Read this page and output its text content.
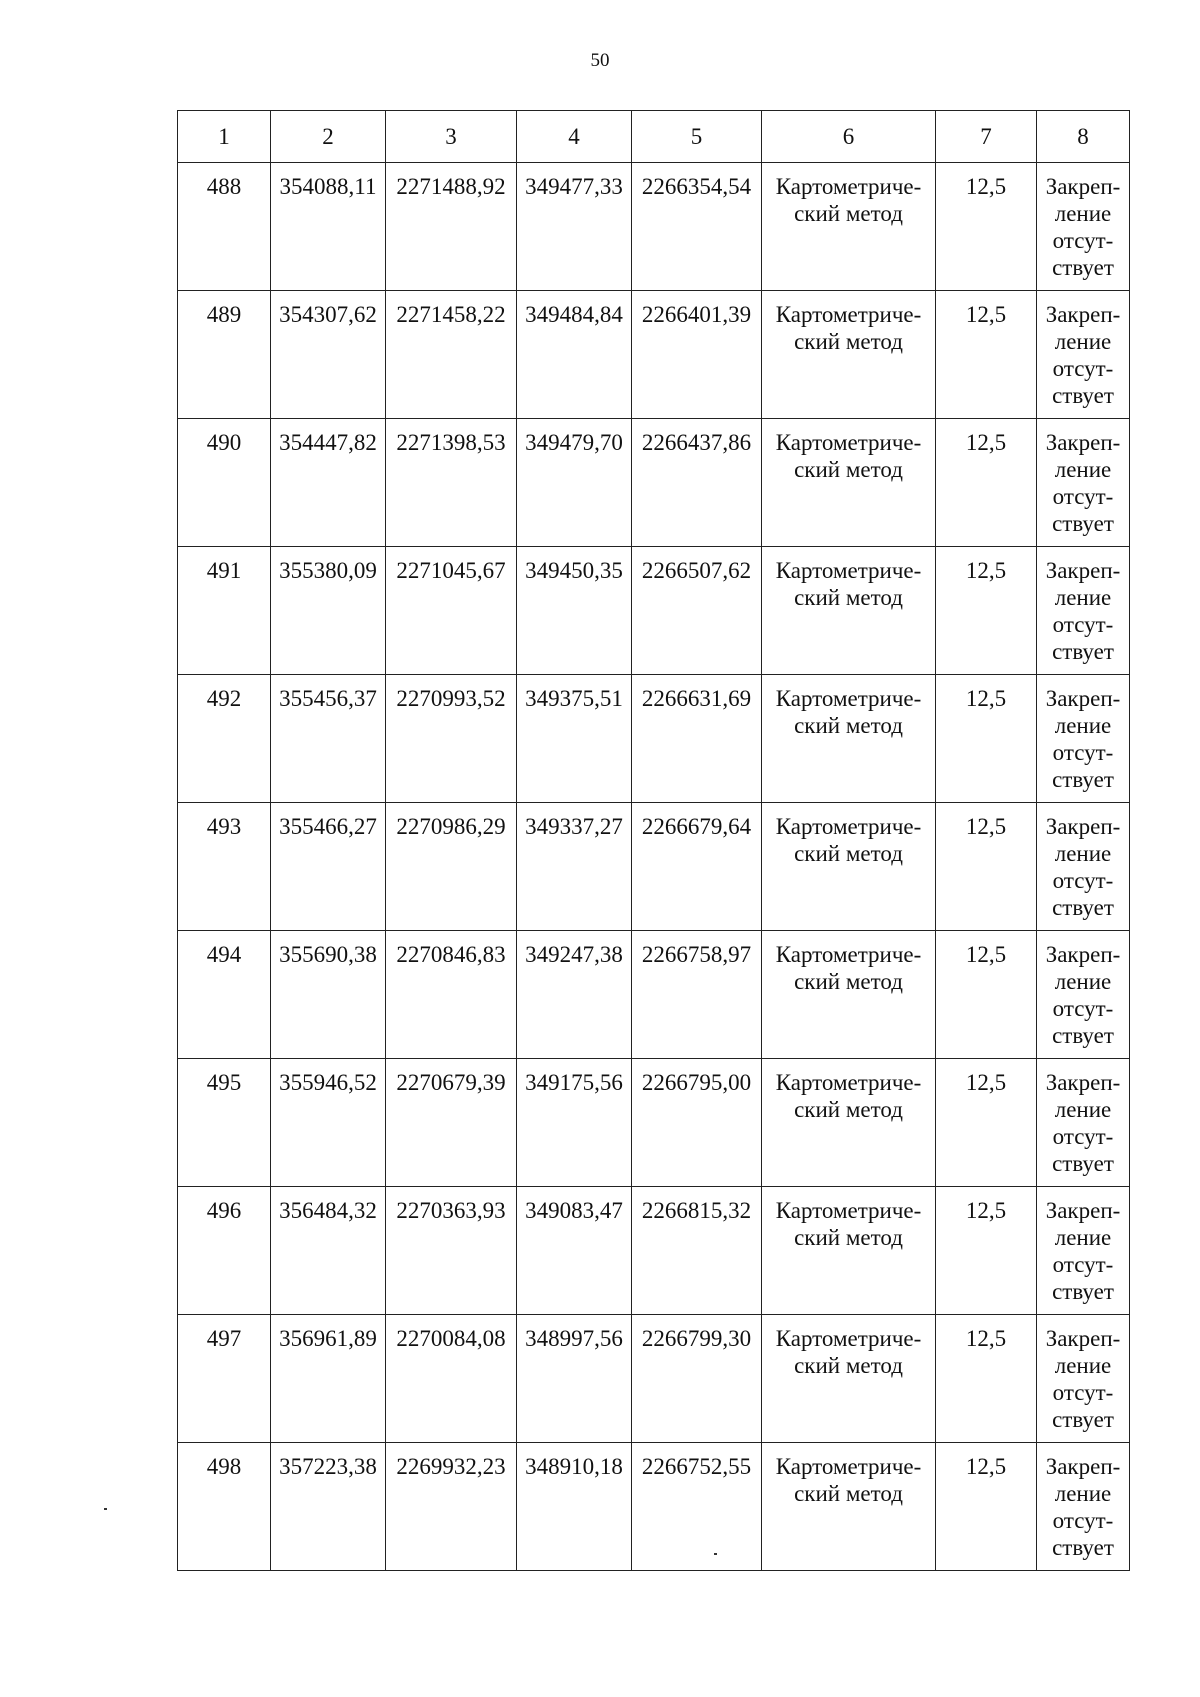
50
1	2	3	4	5	6	7	8

488	354088,11	2271488,92	349477,33	2266354,54	Картометриче-
ский метод	12,5	Закреп-
ление
отсут-
ствует

489	354307,62	2271458,22	349484,84	2266401,39	Картометриче-
ский метод	12,5	Закреп-
ление
отсут-
ствует

490	354447,82	2271398,53	349479,70	2266437,86	Картометриче-
ский метод	12,5	Закреп-
ление
отсут-
ствует

491	355380,09	2271045,67	349450,35	2266507,62	Картометриче-
ский метод	12,5	Закреп-
ление
отсут-
ствует

492	355456,37	2270993,52	349375,51	2266631,69	Картометриче-
ский метод	12,5	Закреп-
ление
отсут-
ствует

493	355466,27	2270986,29	349337,27	2266679,64	Картометриче-
ский метод	12,5	Закреп-
ление
отсут-
ствует

494	355690,38	2270846,83	349247,38	2266758,97	Картометриче-
ский метод	12,5	Закреп-
ление
отсут-
ствует

495	355946,52	2270679,39	349175,56	2266795,00	Картометриче-
ский метод	12,5	Закреп-
ление
отсут-
ствует

496	356484,32	2270363,93	349083,47	2266815,32	Картометриче-
ский метод	12,5	Закреп-
ление
отсут-
ствует

497	356961,89	2270084,08	348997,56	2266799,30	Картометриче-
ский метод	12,5	Закреп-
ление
отсут-
ствует

498	357223,38	2269932,23	348910,18	2266752,55	Картометриче-
ский метод	12,5	Закреп-
ление
отсут-
ствует
